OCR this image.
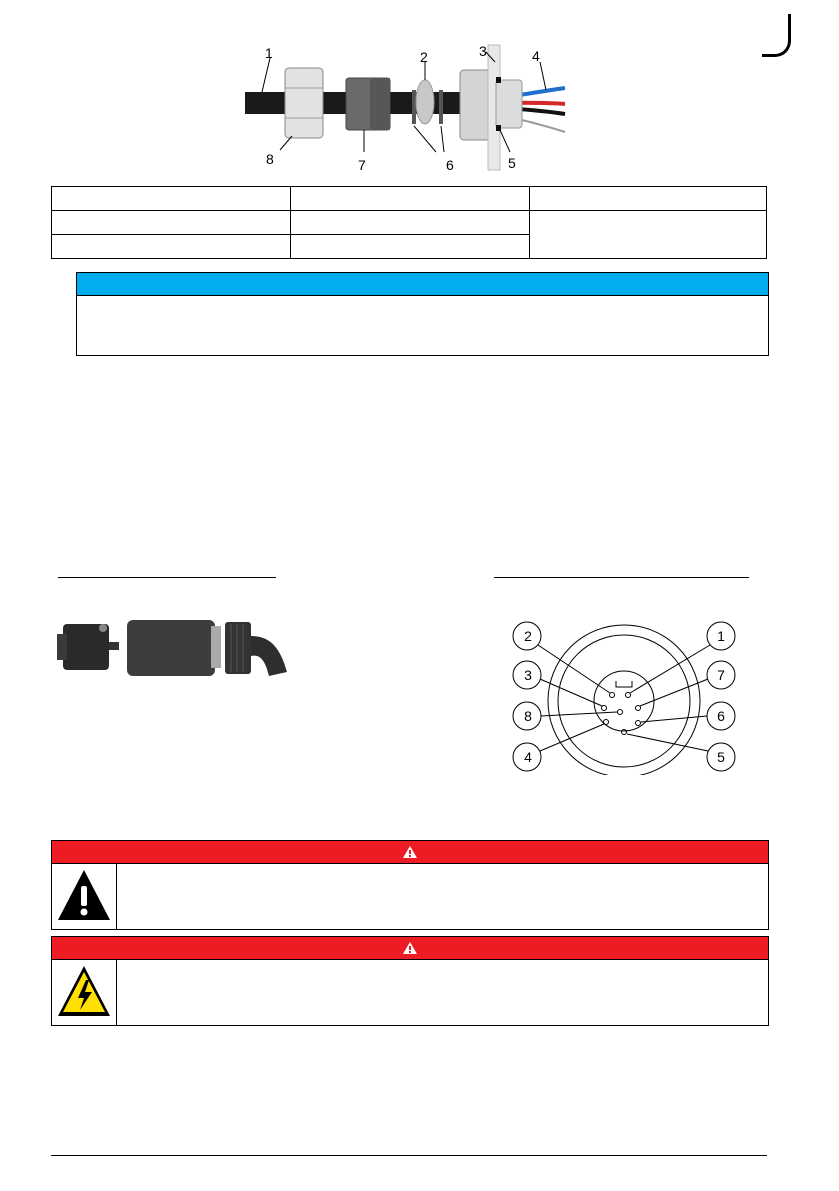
1	2	3	4
5
6
7
8

2	1
3	7
8	6
4	5
